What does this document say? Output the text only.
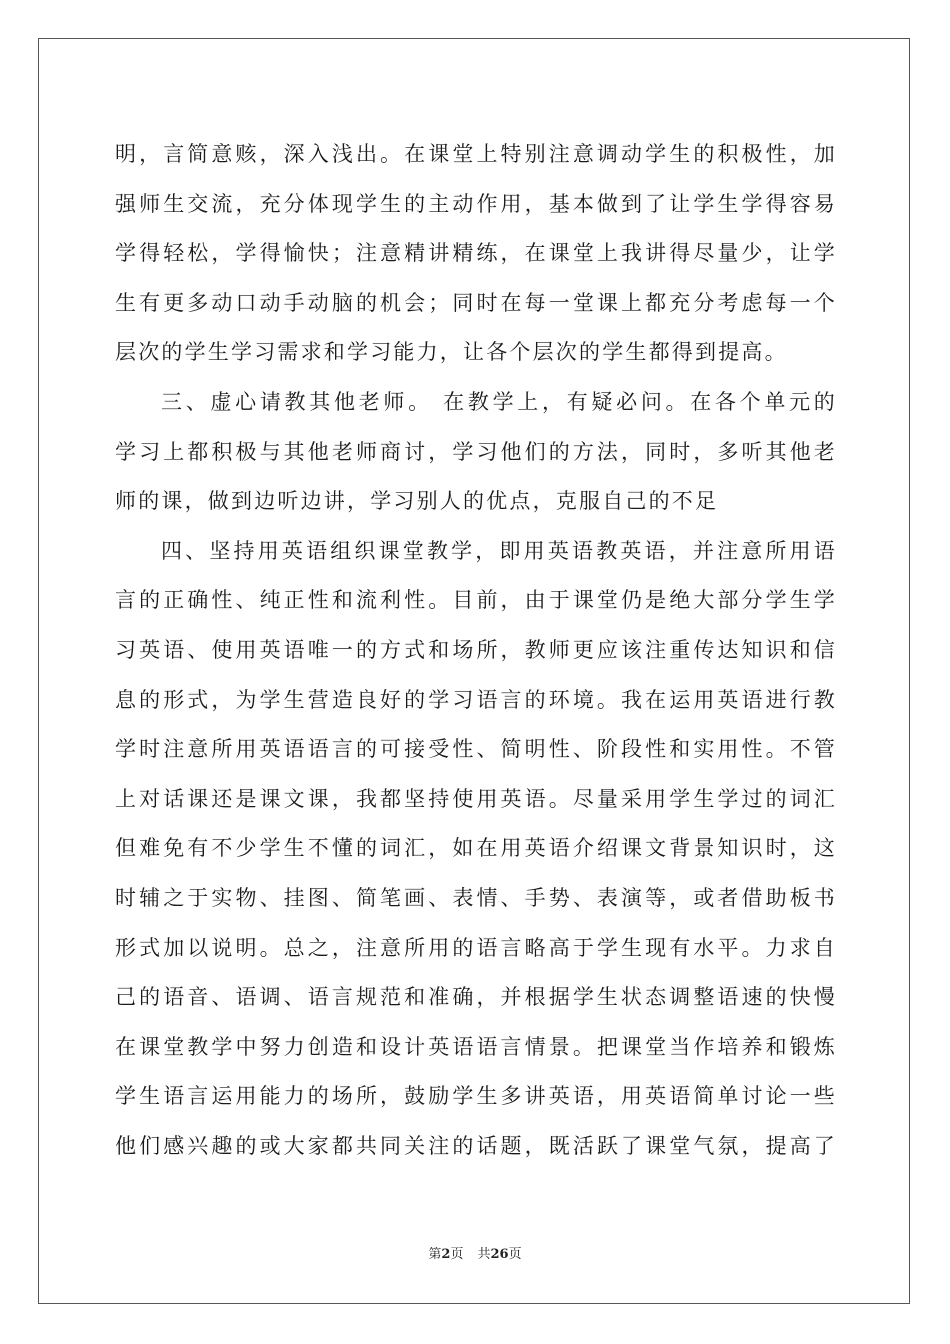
明，言简意赅，深入浅出。在课堂上特别注意调动学生的积极性，加
强师生交流，充分体现学生的主动作用，基本做到了让学生学得容易
学得轻松，学得愉快；注意精讲精练，在课堂上我讲得尽量少，让学
生有更多动口动手动脑的机会；同时在每一堂课上都充分考虑每一个
层次的学生学习需求和学习能力，让各个层次的学生都得到提高。
三、虚心请教其他老师。 在教学上，有疑必问。在各个单元的
学习上都积极与其他老师商讨，学习他们的方法，同时，多听其他老
师的课，做到边听边讲，学习别人的优点，克服自己的不足
四、坚持用英语组织课堂教学，即用英语教英语，并注意所用语
言的正确性、纯正性和流利性。目前，由于课堂仍是绝大部分学生学
习英语、使用英语唯一的方式和场所，教师更应该注重传达知识和信
息的形式，为学生营造良好的学习语言的环境。我在运用英语进行教
学时注意所用英语语言的可接受性、简明性、阶段性和实用性。不管
上对话课还是课文课，我都坚持使用英语。尽量采用学生学过的词汇
但难免有不少学生不懂的词汇，如在用英语介绍课文背景知识时，这
时辅之于实物、挂图、简笔画、表情、手势、表演等，或者借助板书
形式加以说明。总之，注意所用的语言略高于学生现有水平。力求自
己的语音、语调、语言规范和准确，并根据学生状态调整语速的快慢
在课堂教学中努力创造和设计英语语言情景。把课堂当作培养和锻炼
学生语言运用能力的场所，鼓励学生多讲英语，用英语简单讨论一些
他们感兴趣的或大家都共同关注的话题，既活跃了课堂气氛，提高了
第2页 共26页
